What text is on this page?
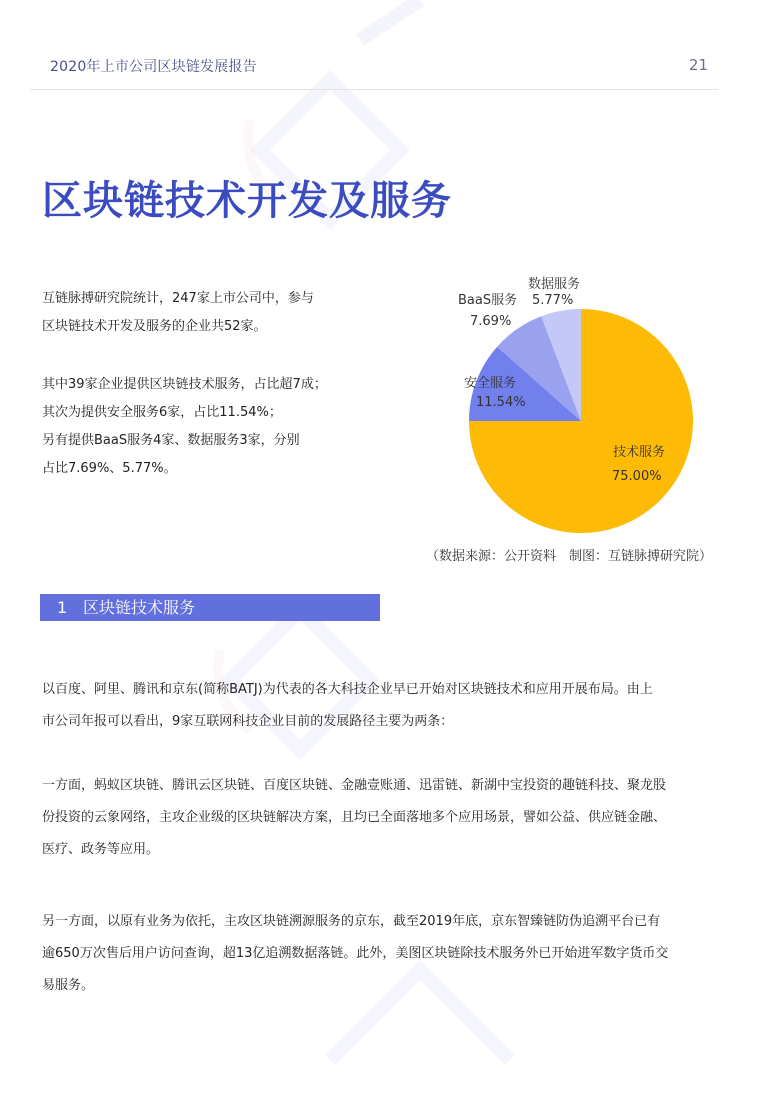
2020年上市公司区块链发展报告	21
区块链技术开发及服务

互链脉搏研究院统计，247家上市公司中，参与

区块链技术开发及服务的企业共52家。

其中39家企业提供区块链技术服务，占比超7成；

其次为提供安全服务6家，占比11.54%；

另有提供BaaS服务4家、数据服务3家，分别

占比7.69%、5.77%。

数据服务
5.77%
BaaS服务
7.69%
安全服务
11.54%
技术服务
75.00%
（数据来源：公开资料　制图：互链脉搏研究院）
1 区块链技术服务

以百度、阿里、腾讯和京东(简称BATJ)为代表的各大科技企业早已开始对区块链技术和应用开展布局。由上

市公司年报可以看出，9家互联网科技企业目前的发展路径主要为两条：

一方面，蚂蚁区块链、腾讯云区块链、百度区块链、金融壹账通、迅雷链、新湖中宝投资的趣链科技、聚龙股

份投资的云象网络，主攻企业级的区块链解决方案，且均已全面落地多个应用场景，譬如公益、供应链金融、

医疗、政务等应用。

另一方面，以原有业务为依托，主攻区块链溯源服务的京东，截至2019年底，京东智臻链防伪追溯平台已有

逾650万次售后用户访问查询，超13亿追溯数据落链。此外，美图区块链除技术服务外已开始进军数字货币交

易服务。
